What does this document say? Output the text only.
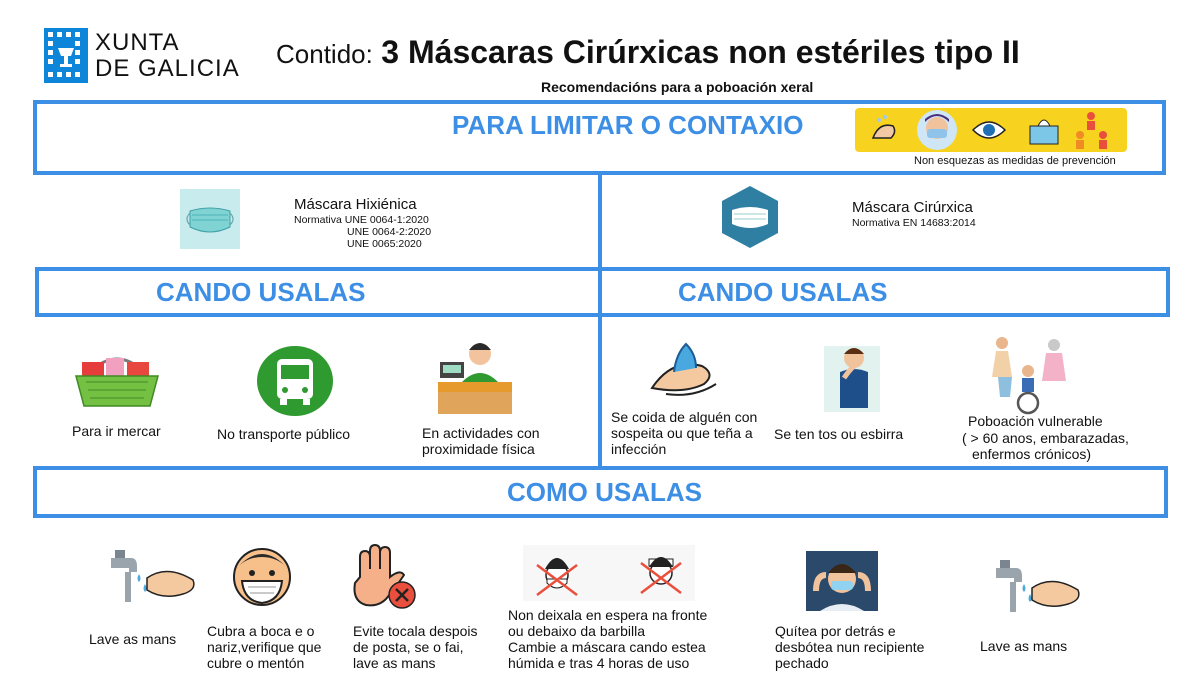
XUNTA
DE GALICIA Contido: 3 Máscaras Cirúrxicas non estériles tipo II
Recomendacións para a poboación xeral
PARA LIMITAR O CONTAXIO
Non esquezas as medidas de prevención
Máscara Hixiénica
Normativa UNE 0064-1:2020
UNE 0064-2:2020
UNE 0065:2020
Máscara Cirúrxica
Normativa EN 14683:2014
CANDO USALAS	CANDO USALAS
Para ir mercar	No transporte público	En actividades con
proximidade física
Se coida de alguén con
sospeita ou que teña a
infección
Se ten tos ou esbirra
Poboación vulnerable
( > 60 anos, embarazadas,
enfermos crónicos)
COMO USALAS
Lave as mans Cubra a boca e o
nariz,verifique que
cubre o mentón
Evite tocala despois
de posta, se o fai,
lave as mans
Non deixala en espera na fronte
ou debaixo da barbilla
Cambie a máscara cando estea
húmida e tras 4 horas de uso
Quítea por detrás e
desbótea nun recipiente
pechado
Lave as mans
